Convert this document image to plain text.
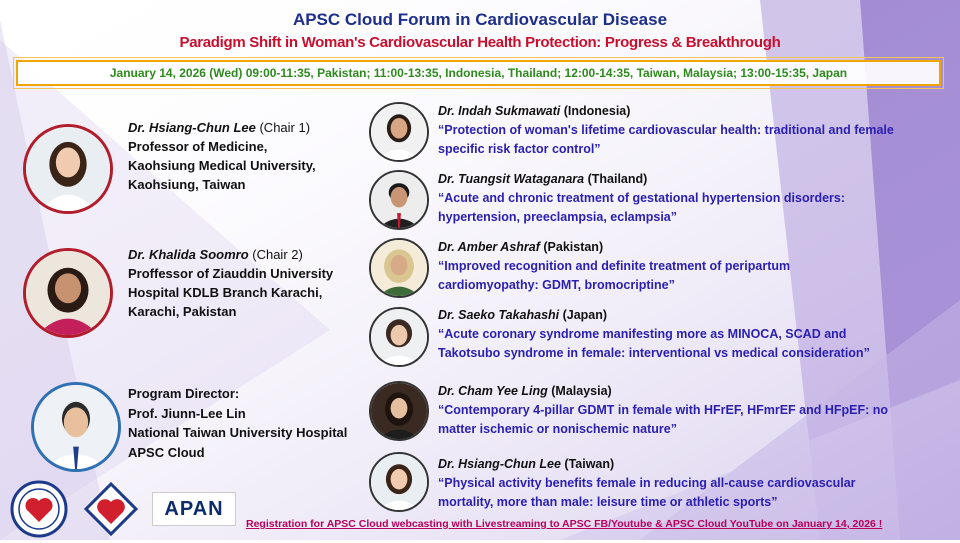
APSC Cloud Forum in Cardiovascular Disease
Paradigm Shift in Woman's Cardiovascular Health Protection: Progress & Breakthrough
January 14, 2026 (Wed) 09:00-11:35, Pakistan; 11:00-13:35, Indonesia, Thailand; 12:00-14:35, Taiwan, Malaysia; 13:00-15:35, Japan
Dr. Hsiang-Chun Lee (Chair 1)
Professor of Medicine,
Kaohsiung Medical University,
Kaohsiung, Taiwan
Dr. Khalida Soomro (Chair 2)
Proffessor of Ziauddin University
Hospital KDLB Branch Karachi,
Karachi, Pakistan
Program Director:
Prof. Jiunn-Lee Lin
National Taiwan University Hospital
APSC Cloud
Dr. Indah Sukmawati (Indonesia)
“Protection of woman's lifetime cardiovascular health: traditional and female
specific risk factor control”
Dr. Tuangsit Wataganara (Thailand)
“Acute and chronic treatment of gestational hypertension disorders:
hypertension, preeclampsia, eclampsia”
Dr. Amber Ashraf (Pakistan)
“Improved recognition and definite treatment of peripartum
cardiomyopathy: GDMT, bromocriptine”
Dr. Saeko Takahashi (Japan)
“Acute coronary syndrome manifesting more as MINOCA, SCAD and
Takotsubo syndrome in female: interventional vs medical consideration”
Dr. Cham Yee Ling (Malaysia)
“Contemporary 4-pillar GDMT in female with HFrEF, HFmrEF and HFpEF: no
matter ischemic or nonischemic nature”
Dr. Hsiang-Chun Lee (Taiwan)
“Physical activity benefits female in reducing all-cause cardiovascular
mortality, more than male: leisure time or athletic sports”
APAN
Registration for APSC Cloud webcasting with Livestreaming to APSC FB/Youtube & APSC Cloud YouTube on January 14, 2026 !
